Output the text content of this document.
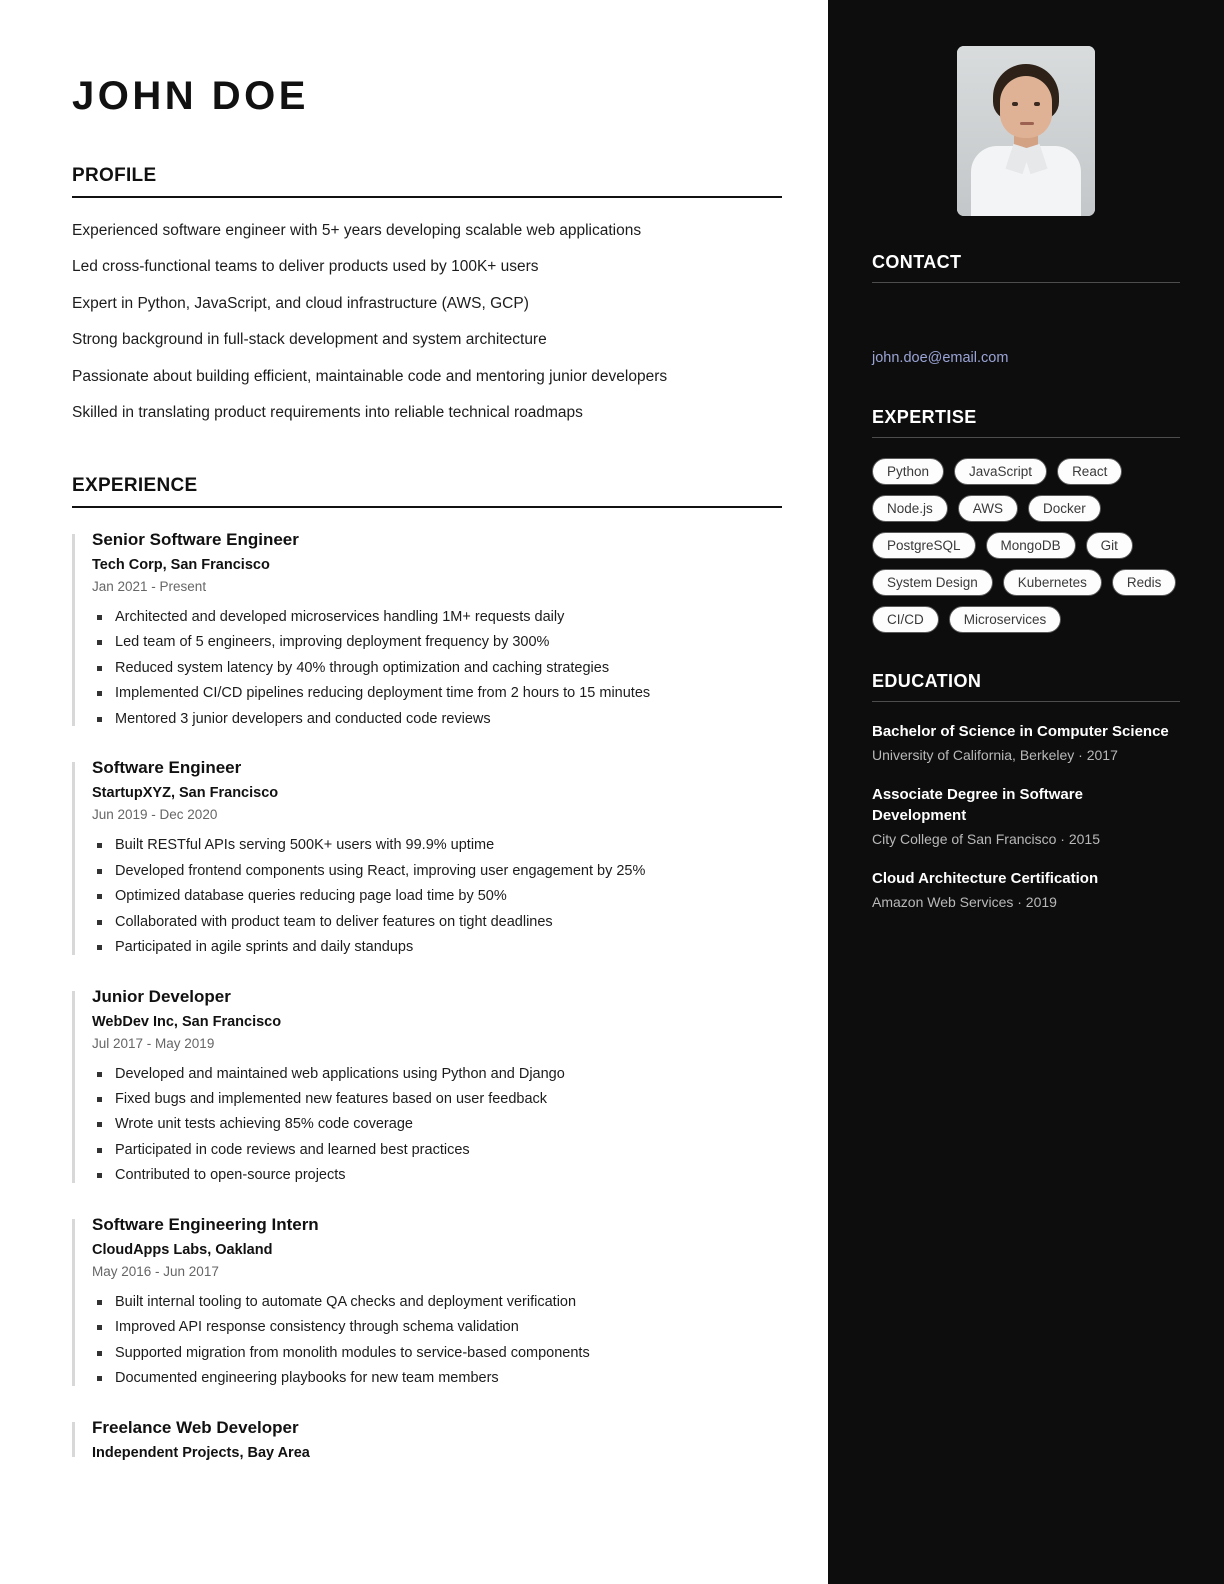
JOHN DOE
PROFILE
Experienced software engineer with 5+ years developing scalable web applications
Led cross-functional teams to deliver products used by 100K+ users
Expert in Python, JavaScript, and cloud infrastructure (AWS, GCP)
Strong background in full-stack development and system architecture
Passionate about building efficient, maintainable code and mentoring junior developers
Skilled in translating product requirements into reliable technical roadmaps
EXPERIENCE
Senior Software Engineer
Tech Corp, San Francisco
Jan 2021 - Present
Architected and developed microservices handling 1M+ requests daily
Led team of 5 engineers, improving deployment frequency by 300%
Reduced system latency by 40% through optimization and caching strategies
Implemented CI/CD pipelines reducing deployment time from 2 hours to 15 minutes
Mentored 3 junior developers and conducted code reviews
Software Engineer
StartupXYZ, San Francisco
Jun 2019 - Dec 2020
Built RESTful APIs serving 500K+ users with 99.9% uptime
Developed frontend components using React, improving user engagement by 25%
Optimized database queries reducing page load time by 50%
Collaborated with product team to deliver features on tight deadlines
Participated in agile sprints and daily standups
Junior Developer
WebDev Inc, San Francisco
Jul 2017 - May 2019
Developed and maintained web applications using Python and Django
Fixed bugs and implemented new features based on user feedback
Wrote unit tests achieving 85% code coverage
Participated in code reviews and learned best practices
Contributed to open-source projects
Software Engineering Intern
CloudApps Labs, Oakland
May 2016 - Jun 2017
Built internal tooling to automate QA checks and deployment verification
Improved API response consistency through schema validation
Supported migration from monolith modules to service-based components
Documented engineering playbooks for new team members
Freelance Web Developer
Independent Projects, Bay Area
CONTACT
john.doe@email.com
EXPERTISE
Python	JavaScript	React
Node.js	AWS	Docker
PostgreSQL	MongoDB	Git
System Design	Kubernetes	Redis
CI/CD	Microservices
EDUCATION
Bachelor of Science in Computer Science
University of California, Berkeley · 2017
Associate Degree in Software Development
City College of San Francisco · 2015
Cloud Architecture Certification
Amazon Web Services · 2019
